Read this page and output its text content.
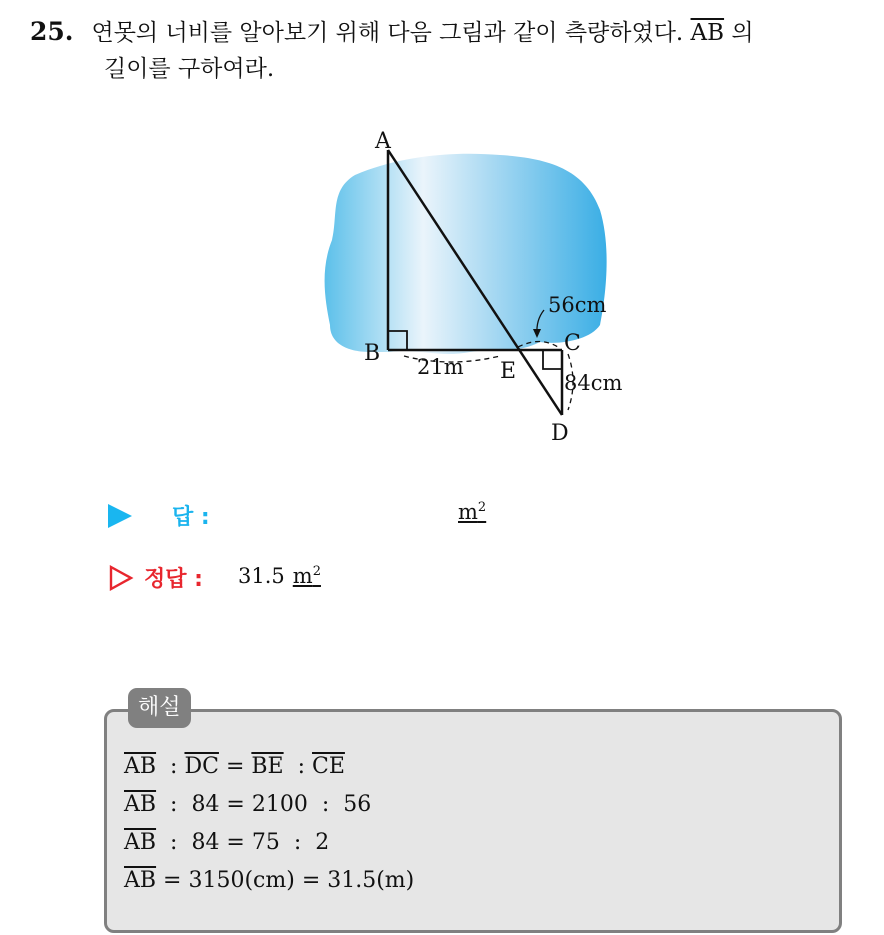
25. 연못의 너비를 알아보기 위해 다음 그림과 같이 측량하였다. $\overline{AB}$ 의
길이를 구하여라.
A
B	C
D
E
21m
56cm
84cm
답 :	$m^2$
정답 : 31.5 $m^2$
해설
$\overline{AB}$  : $\overline{DC} = \overline{BE}$  : $\overline{CE}$
$\overline{AB}$  :  84 = 2100  :  56
$\overline{AB}$  :  84 = 75  :  2
$\overline{AB} = 3150(cm) = 31.5(m)$
